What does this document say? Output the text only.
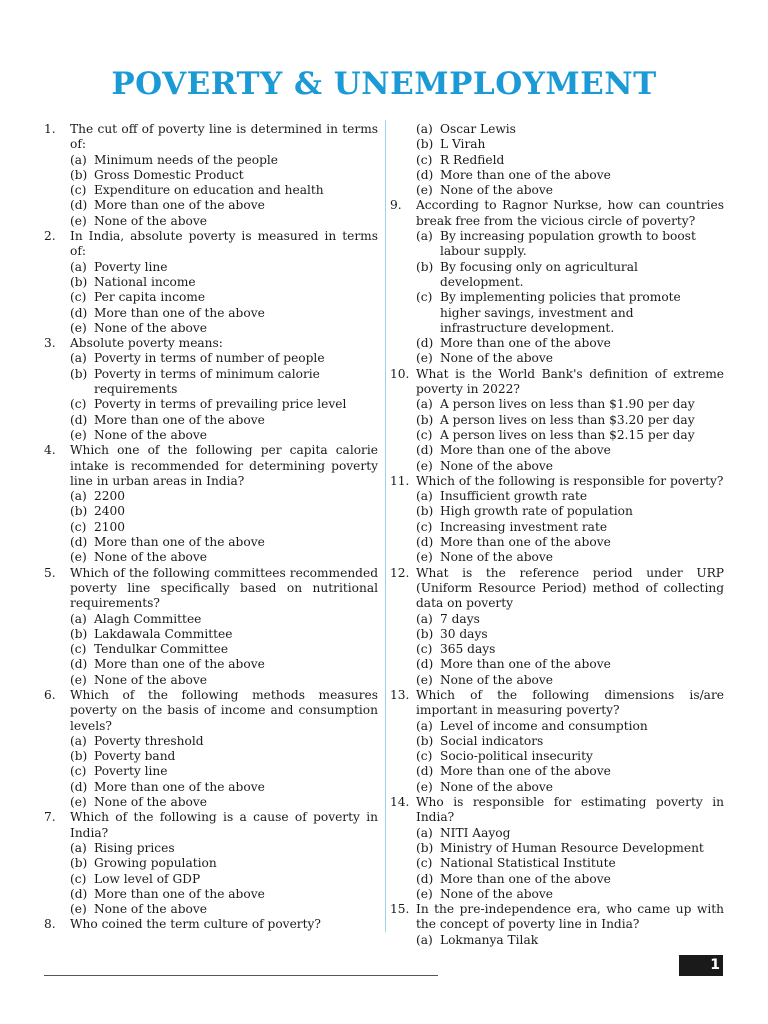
POVERTY & UNEMPLOYMENT
1.	The cut off of poverty line is determined in terms of:
(a) Minimum needs of the people
(b) Gross Domestic Product
(c) Expenditure on education and health
(d) More than one of the above
(e) None of the above
2.	In India, absolute poverty is measured in terms of:
(a) Poverty line
(b) National income
(c) Per capita income
(d) More than one of the above
(e) None of the above
3.	Absolute poverty means:
(a) Poverty in terms of number of people
(b) Poverty in terms of minimum calorie requirements
(c) Poverty in terms of prevailing price level
(d) More than one of the above
(e) None of the above
4.	Which one of the following per capita calorie intake is recommended for determining poverty line in urban areas in India?
(a) 2200
(b) 2400
(c) 2100
(d) More than one of the above
(e) None of the above
5.	Which of the following committees recommended poverty line specifically based on nutritional requirements?
(a) Alagh Committee
(b) Lakdawala Committee
(c) Tendulkar Committee
(d) More than one of the above
(e) None of the above
6.	Which of the following methods measures poverty on the basis of income and consumption levels?
(a) Poverty threshold
(b) Poverty band
(c) Poverty line
(d) More than one of the above
(e) None of the above
7.	Which of the following is a cause of poverty in India?
(a) Rising prices
(b) Growing population
(c) Low level of GDP
(d) More than one of the above
(e) None of the above
8.	Who coined the term culture of poverty?
(a) Oscar Lewis
(b) L Virah
(c) R Redfield
(d) More than one of the above
(e) None of the above
9.	According to Ragnor Nurkse, how can countries break free from the vicious circle of poverty?
(a) By increasing population growth to boost labour supply.
(b) By focusing only on agricultural development.
(c) By implementing policies that promote higher savings, investment and infrastructure development.
(d) More than one of the above
(e) None of the above
10. What is the World Bank's definition of extreme poverty in 2022?
(a) A person lives on less than $1.90 per day
(b) A person lives on less than $3.20 per day
(c) A person lives on less than $2.15 per day
(d) More than one of the above
(e) None of the above
11. Which of the following is responsible for poverty?
(a) Insufficient growth rate
(b) High growth rate of population
(c) Increasing investment rate
(d) More than one of the above
(e) None of the above
12. What is the reference period under URP (Uniform Resource Period) method of collecting data on poverty
(a) 7 days
(b) 30 days
(c) 365 days
(d) More than one of the above
(e) None of the above
13. Which of the following dimensions is/are important in measuring poverty?
(a) Level of income and consumption
(b) Social indicators
(c) Socio-political insecurity
(d) More than one of the above
(e) None of the above
14. Who is responsible for estimating poverty in India?
(a) NITI Aayog
(b) Ministry of Human Resource Development
(c) National Statistical Institute
(d) More than one of the above
(e) None of the above
15. In the pre-independence era, who came up with the concept of poverty line in India?
(a) Lokmanya Tilak
1
